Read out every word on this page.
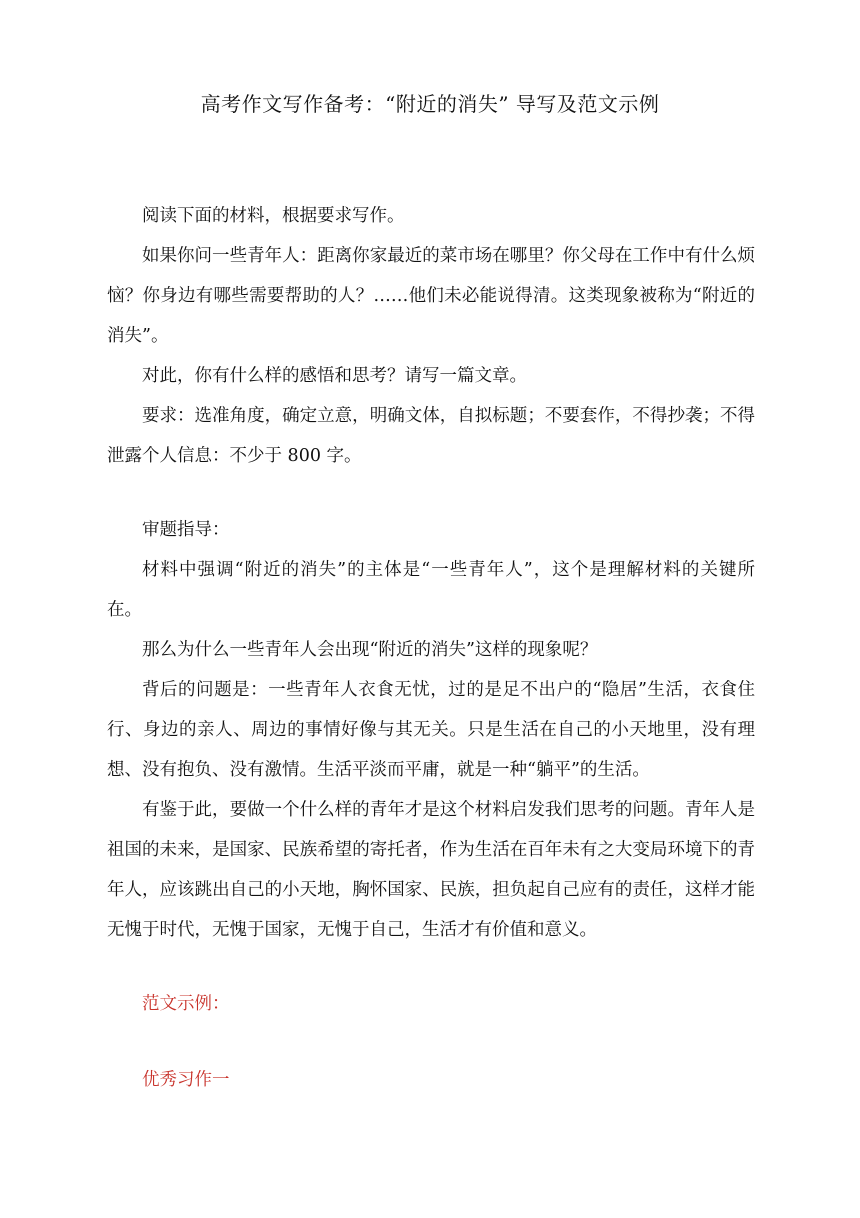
高考作文写作备考：“附近的消失” 导写及范文示例

阅读下面的材料，根据要求写作。

如果你问一些青年人：距离你家最近的菜市场在哪里？你父母在工作中有什么烦恼？你身边有哪些需要帮助的人？……他们未必能说得清。这类现象被称为“附近的消失”。

对此，你有什么样的感悟和思考？请写一篇文章。

要求：选准角度，确定立意，明确文体，自拟标题；不要套作，不得抄袭；不得泄露个人信息：不少于 800 字。

审题指导：

材料中强调“附近的消失”的主体是“一些青年人”，这个是理解材料的关键所在。

那么为什么一些青年人会出现“附近的消失”这样的现象呢？

背后的问题是：一些青年人衣食无忧，过的是足不出户的“隐居”生活，衣食住行、身边的亲人、周边的事情好像与其无关。只是生活在自己的小天地里，没有理想、没有抱负、没有激情。生活平淡而平庸，就是一种“躺平”的生活。

有鉴于此，要做一个什么样的青年才是这个材料启发我们思考的问题。青年人是祖国的未来，是国家、民族希望的寄托者，作为生活在百年未有之大变局环境下的青年人，应该跳出自己的小天地，胸怀国家、民族，担负起自己应有的责任，这样才能无愧于时代，无愧于国家，无愧于自己，生活才有价值和意义。

范文示例：

优秀习作一
